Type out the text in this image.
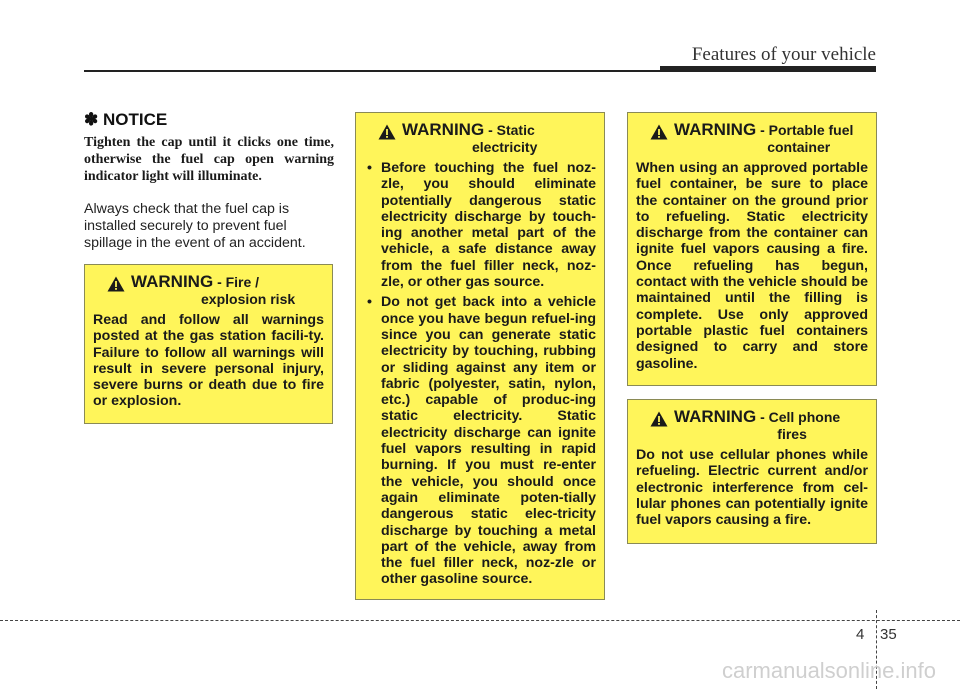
Features of your vehicle
✽ NOTICE

Tighten the cap until it clicks one time, otherwise the fuel cap open warning indicator light will illuminate.

Always check that the fuel cap is installed securely to prevent fuel spillage in the event of an accident.

WARNING - Fire /
explosion risk

Read and follow all warnings posted at the gas station facili-ty. Failure to follow all warnings will result in severe personal injury, severe burns or death due to fire or explosion.

WARNING - Static
electricity
• Before touching the fuel noz-zle, you should eliminate potentially dangerous static electricity discharge by touch-ing another metal part of the vehicle, a safe distance away from the fuel filler neck, noz-zle, or other gas source.
• Do not get back into a vehicle once you have begun refuel-ing since you can generate static electricity by touching, rubbing or sliding against any item or fabric (polyester, satin, nylon, etc.) capable of produc-ing static electricity. Static electricity discharge can ignite fuel vapors resulting in rapid burning. If you must re-enter the vehicle, you should once again eliminate poten-tially dangerous static elec-tricity discharge by touching a metal part of the vehicle, away from the fuel filler neck, noz-zle or other gasoline source.
WARNING - Portable fuel
container

When using an approved portable fuel container, be sure to place the container on the ground prior to refueling. Static electricity discharge from the container can ignite fuel vapors causing a fire. Once refueling has begun, contact with the vehicle should be maintained until the filling is complete. Use only approved portable plastic fuel containers designed to carry and store gasoline.

WARNING - Cell phone
fires

Do not use cellular phones while refueling. Electric current and/or electronic interference from cel-lular phones can potentially ignite fuel vapors causing a fire.

4 35
carmanualsonline.info
